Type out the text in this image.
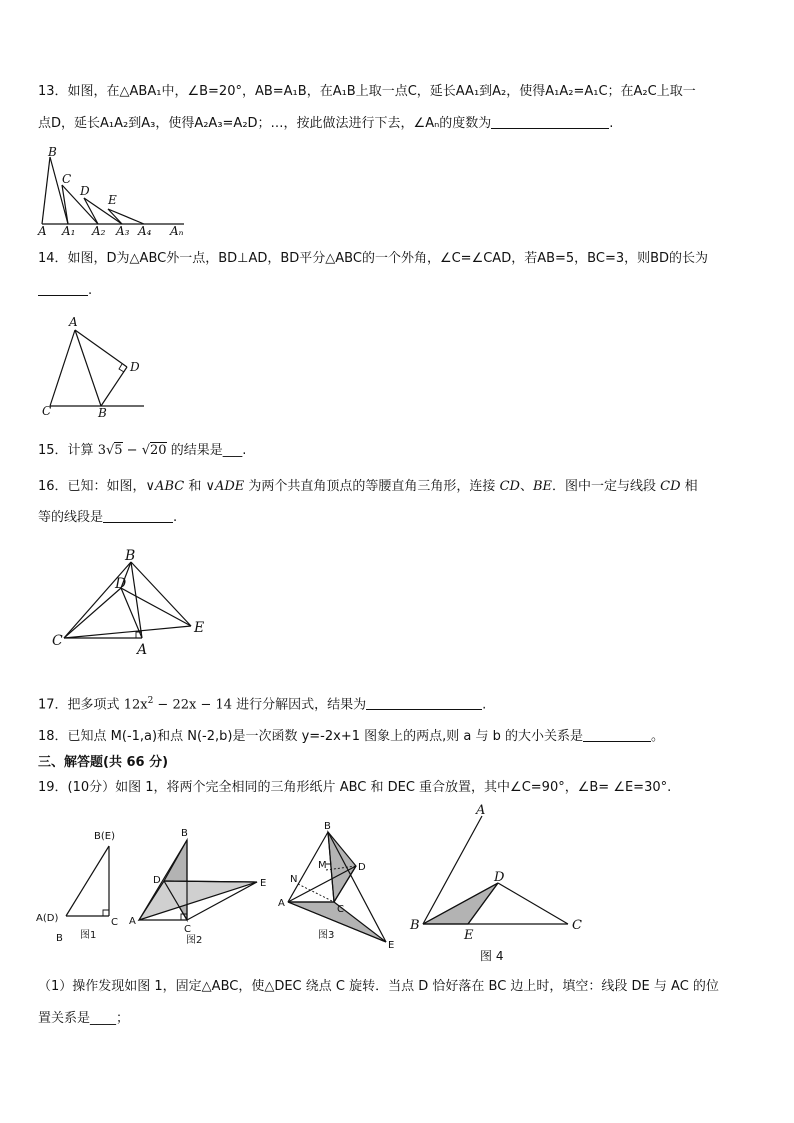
13．如图，在△ABA₁中，∠B=20°，AB=A₁B，在A₁B上取一点C，延长AA₁到A₂，使得A₁A₂=A₁C；在A₂C上取一
点D，延长A₁A₂到A₃，使得A₂A₃=A₂D；…，按此做法进行下去，∠Aₙ的度数为	.
B
C
D
E
A A₁ A₂ A₃ A₄ Aₙ
14．如图，D为△ABC外一点，BD⊥AD，BD平分△ABC的一个外角，∠C=∠CAD，若AB=5，BC=3，则BD的长为
.
A
D
C	B
15．计算 3√5 − √20 的结果是___.
16．已知：如图，∨ABC 和 ∨ADE 为两个共直角顶点的等腰直角三角形，连接 CD、BE．图中一定与线段 CD 相
等的线段是	.
B
D
C
E
A
17．把多项式 $12x^2 - 22x - 14$ 进行分解因式，结果为	.
18．已知点 M(-1,a)和点 N(-2,b)是一次函数 y=-2x+1 图象上的两点,则 a 与 b 的大小关系是	。
三、解答题(共 66 分)
19．(10分）如图 1，将两个完全相同的三角形纸片 ABC 和 DEC 重合放置，其中∠C=90°，∠B= ∠E=30°.
B(E)
A(D)	C
B 图1
B
D	E
A
C
图2
B
M	D
N
A
C
E
图3
A
D
B
E
C
图 4
（1）操作发现如图 1，固定△ABC，使△DEC 绕点 C 旋转．当点 D 恰好落在 BC 边上时，填空：线段 DE 与 AC 的位
置关系是____；
